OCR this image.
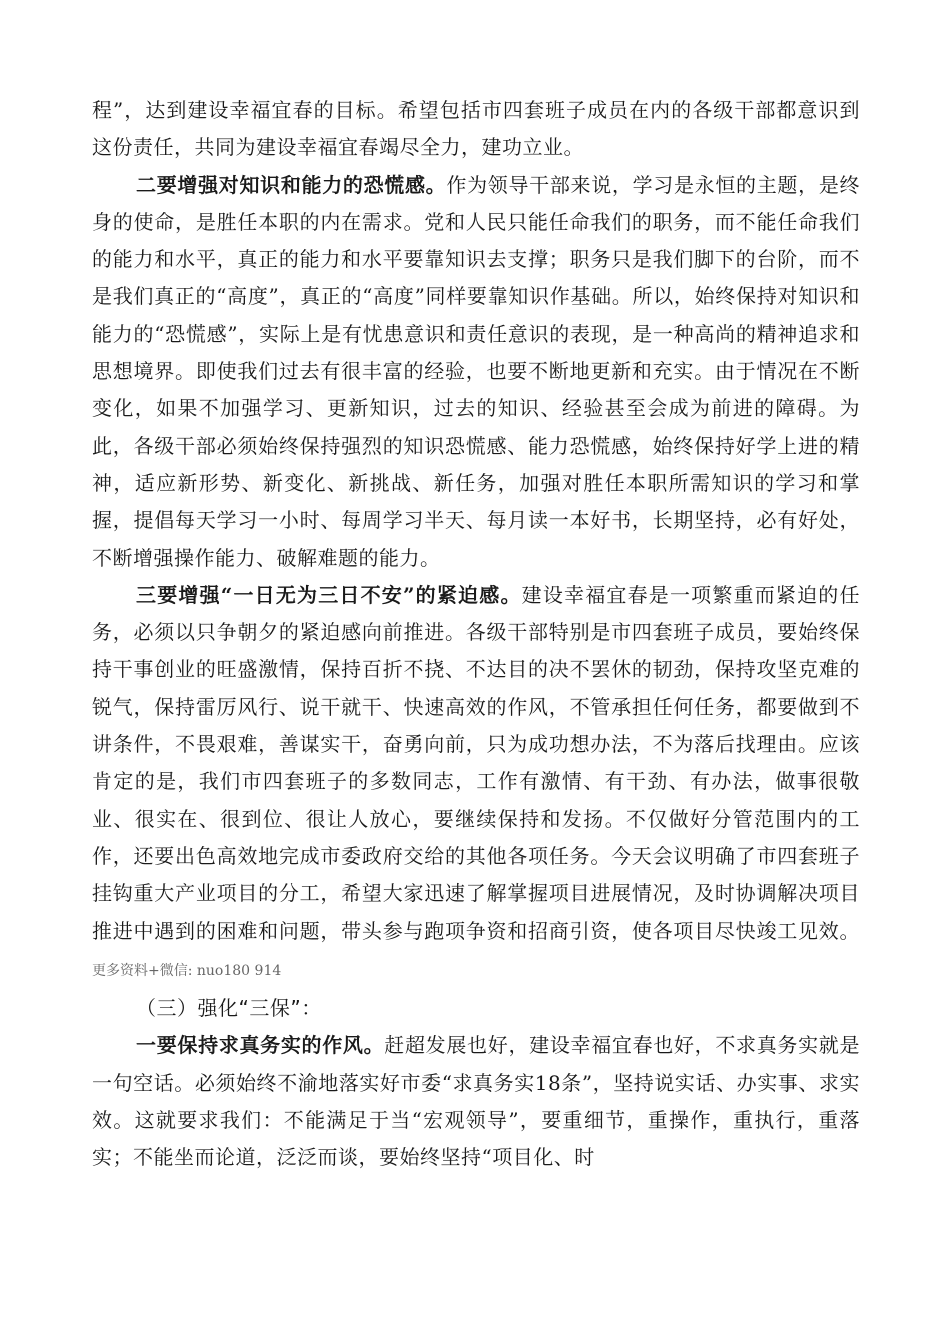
程”，达到建设幸福宜春的目标。希望包括市四套班子成员在内的各级干部都意识到这份责任，共同为建设幸福宜春竭尽全力，建功立业。

二要增强对知识和能力的恐慌感。作为领导干部来说，学习是永恒的主题，是终身的使命，是胜任本职的内在需求。党和人民只能任命我们的职务，而不能任命我们的能力和水平，真正的能力和水平要靠知识去支撑；职务只是我们脚下的台阶，而不是我们真正的“高度”，真正的“高度”同样要靠知识作基础。所以，始终保持对知识和能力的“恐慌感”，实际上是有忧患意识和责任意识的表现，是一种高尚的精神追求和思想境界。即使我们过去有很丰富的经验，也要不断地更新和充实。由于情况在不断变化，如果不加强学习、更新知识，过去的知识、经验甚至会成为前进的障碍。为此，各级干部必须始终保持强烈的知识恐慌感、能力恐慌感，始终保持好学上进的精神，适应新形势、新变化、新挑战、新任务，加强对胜任本职所需知识的学习和掌握，提倡每天学习一小时、每周学习半天、每月读一本好书，长期坚持，必有好处，不断增强操作能力、破解难题的能力。

三要增强“一日无为三日不安”的紧迫感。建设幸福宜春是一项繁重而紧迫的任务，必须以只争朝夕的紧迫感向前推进。各级干部特别是市四套班子成员，要始终保持干事创业的旺盛激情，保持百折不挠、不达目的决不罢休的韧劲，保持攻坚克难的锐气，保持雷厉风行、说干就干、快速高效的作风，不管承担任何任务，都要做到不讲条件，不畏艰难，善谋实干，奋勇向前，只为成功想办法，不为落后找理由。应该肯定的是，我们市四套班子的多数同志，工作有激情、有干劲、有办法，做事很敬业、很实在、很到位、很让人放心，要继续保持和发扬。不仅做好分管范围内的工作，还要出色高效地完成市委政府交给的其他各项任务。今天会议明确了市四套班子挂钩重大产业项目的分工，希望大家迅速了解掌握项目进展情况，及时协调解决项目推进中遇到的困难和问题，带头参与跑项争资和招商引资，使各项目尽快竣工见效。更多资料+微信: nuo180 914

（三）强化“三保”：

一要保持求真务实的作风。赶超发展也好，建设幸福宜春也好，不求真务实就是一句空话。必须始终不渝地落实好市委“求真务实18条”，坚持说实话、办实事、求实效。这就要求我们：不能满足于当“宏观领导”，要重细节，重操作，重执行，重落实；不能坐而论道，泛泛而谈，要始终坚持“项目化、时
